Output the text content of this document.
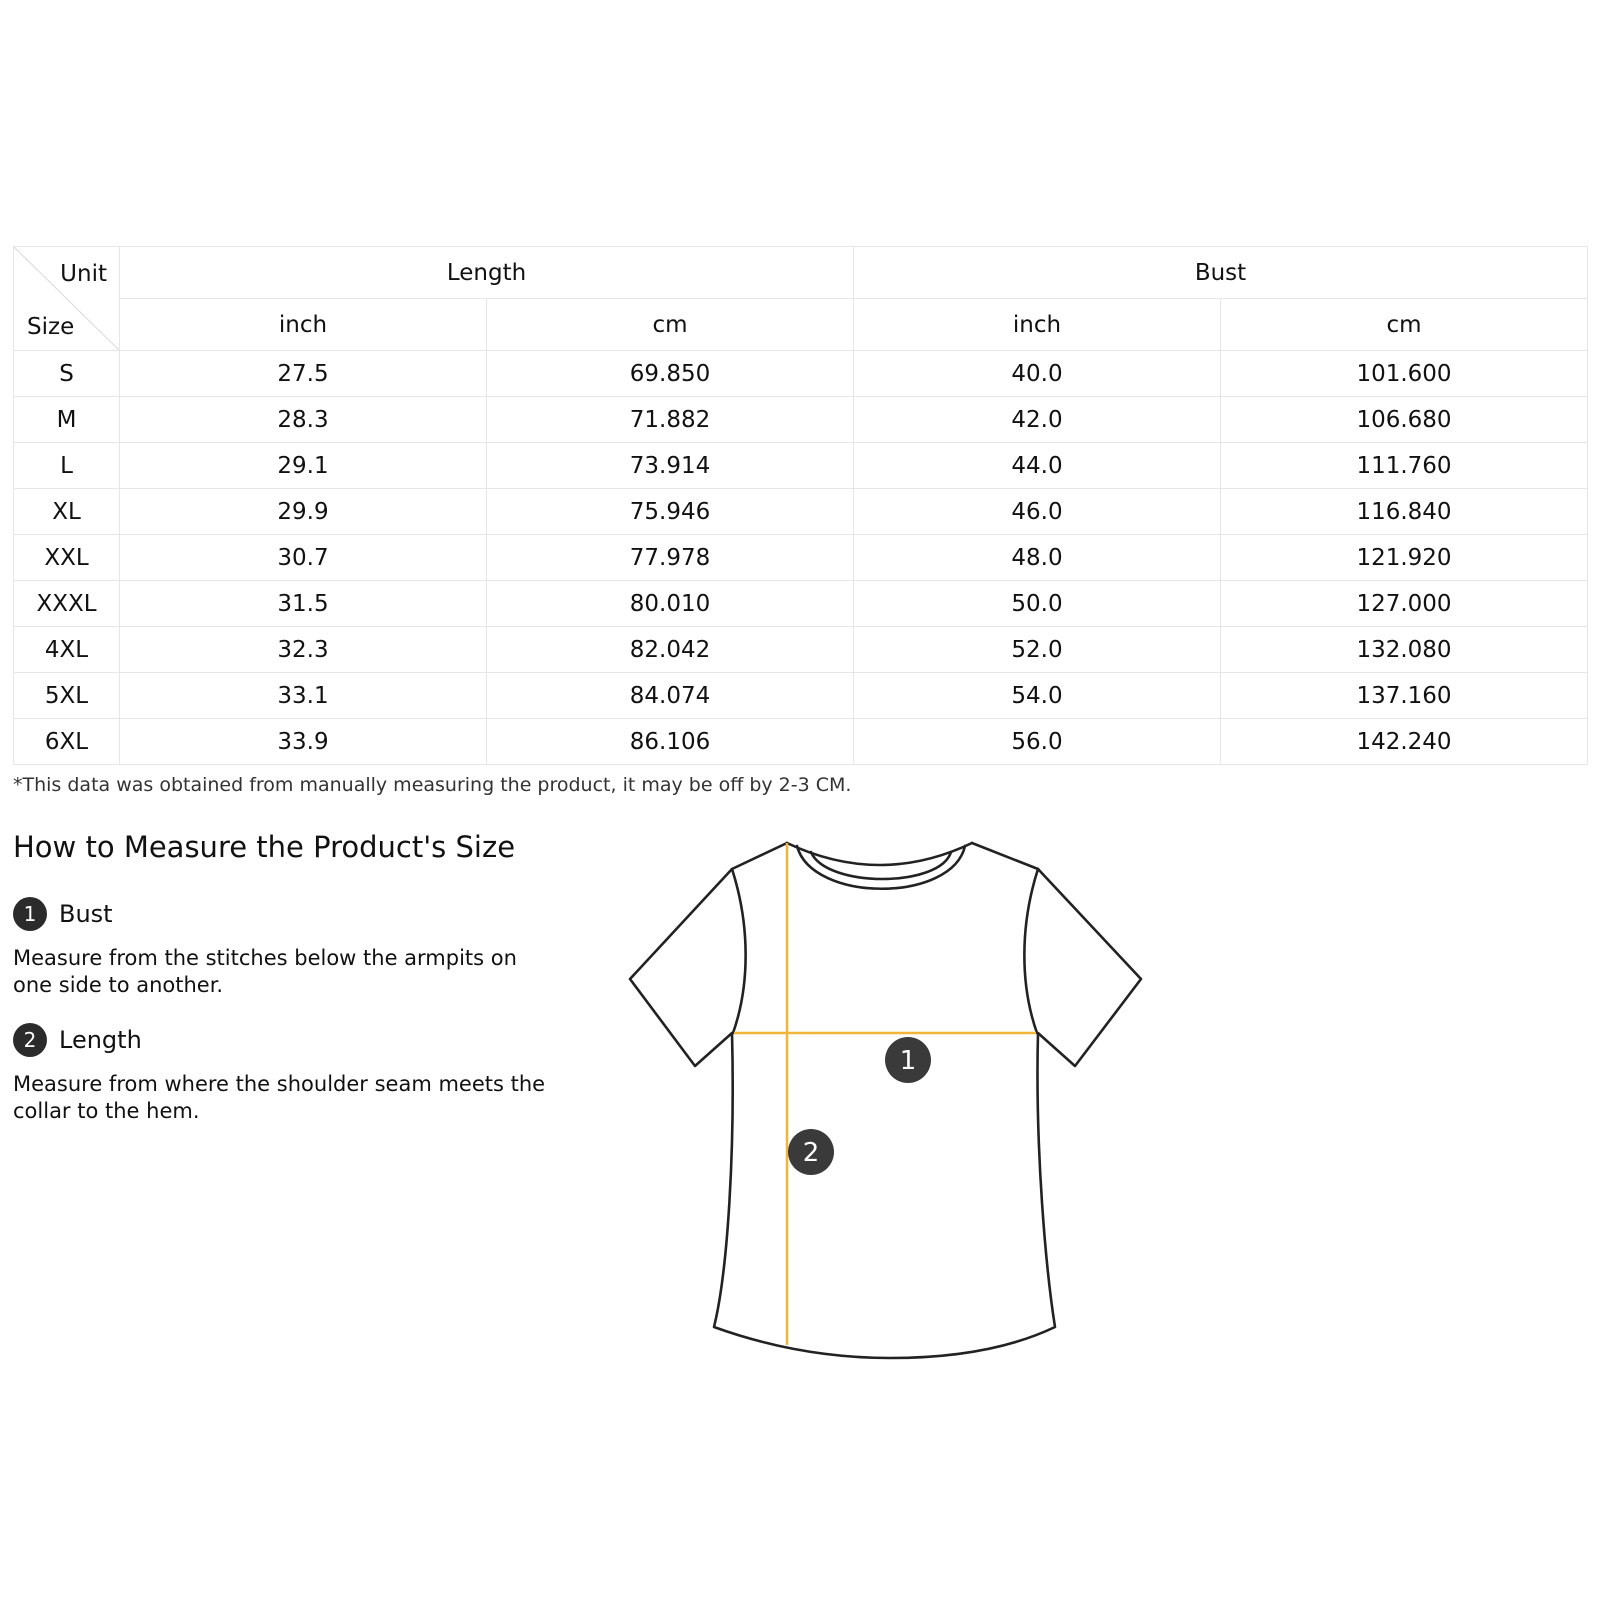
Unit
Size	Length		Bust	
	inch	cm	inch	cm
S	27.5	69.850	40.0	101.600
M	28.3	71.882	42.0	106.680
L	29.1	73.914	44.0	111.760
XL	29.9	75.946	46.0	116.840
XXL	30.7	77.978	48.0	121.920
XXXL	31.5	80.010	50.0	127.000
4XL	32.3	82.042	52.0	132.080
5XL	33.1	84.074	54.0	137.160
6XL	33.9	86.106	56.0	142.240
*This data was obtained from manually measuring the product, it may be off by 2-3 CM.
How to Measure the Product's Size
1 Bust

Measure from the stitches below the armpits on one side to another.

2 Length

Measure from where the shoulder seam meets the collar to the hem.

1
2
